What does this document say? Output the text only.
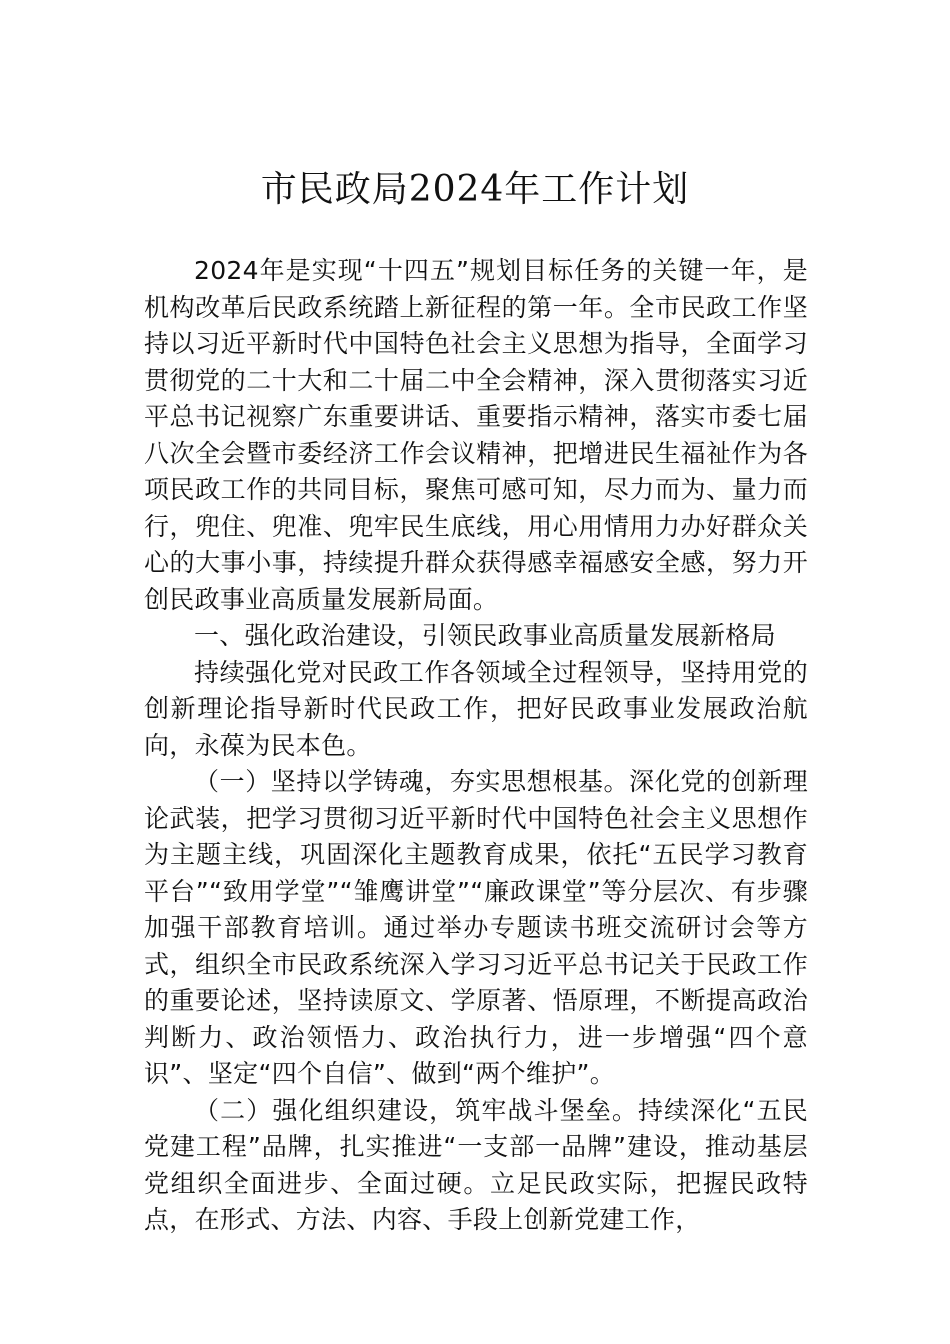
市民政局2024年工作计划

2024年是实现“十四五”规划目标任务的关键一年，是机构改革后民政系统踏上新征程的第一年。全市民政工作坚持以习近平新时代中国特色社会主义思想为指导，全面学习贯彻党的二十大和二十届二中全会精神，深入贯彻落实习近平总书记视察广东重要讲话、重要指示精神，落实市委七届八次全会暨市委经济工作会议精神，把增进民生福祉作为各项民政工作的共同目标，聚焦可感可知，尽力而为、量力而行，兜住、兜准、兜牢民生底线，用心用情用力办好群众关心的大事小事，持续提升群众获得感幸福感安全感，努力开创民政事业高质量发展新局面。

一、强化政治建设，引领民政事业高质量发展新格局

持续强化党对民政工作各领域全过程领导，坚持用党的创新理论指导新时代民政工作，把好民政事业发展政治航向，永葆为民本色。

（一）坚持以学铸魂，夯实思想根基。深化党的创新理论武装，把学习贯彻习近平新时代中国特色社会主义思想作为主题主线，巩固深化主题教育成果，依托“五民学习教育平台”“致用学堂”“雏鹰讲堂”“廉政课堂”等分层次、有步骤加强干部教育培训。通过举办专题读书班交流研讨会等方式，组织全市民政系统深入学习习近平总书记关于民政工作的重要论述，坚持读原文、学原著、悟原理，不断提高政治判断力、政治领悟力、政治执行力，进一步增强“四个意识”、坚定“四个自信”、做到“两个维护”。

（二）强化组织建设，筑牢战斗堡垒。持续深化“五民党建工程”品牌，扎实推进“一支部一品牌”建设，推动基层党组织全面进步、全面过硬。立足民政实际，把握民政特点，在形式、方法、内容、手段上创新党建工作，
